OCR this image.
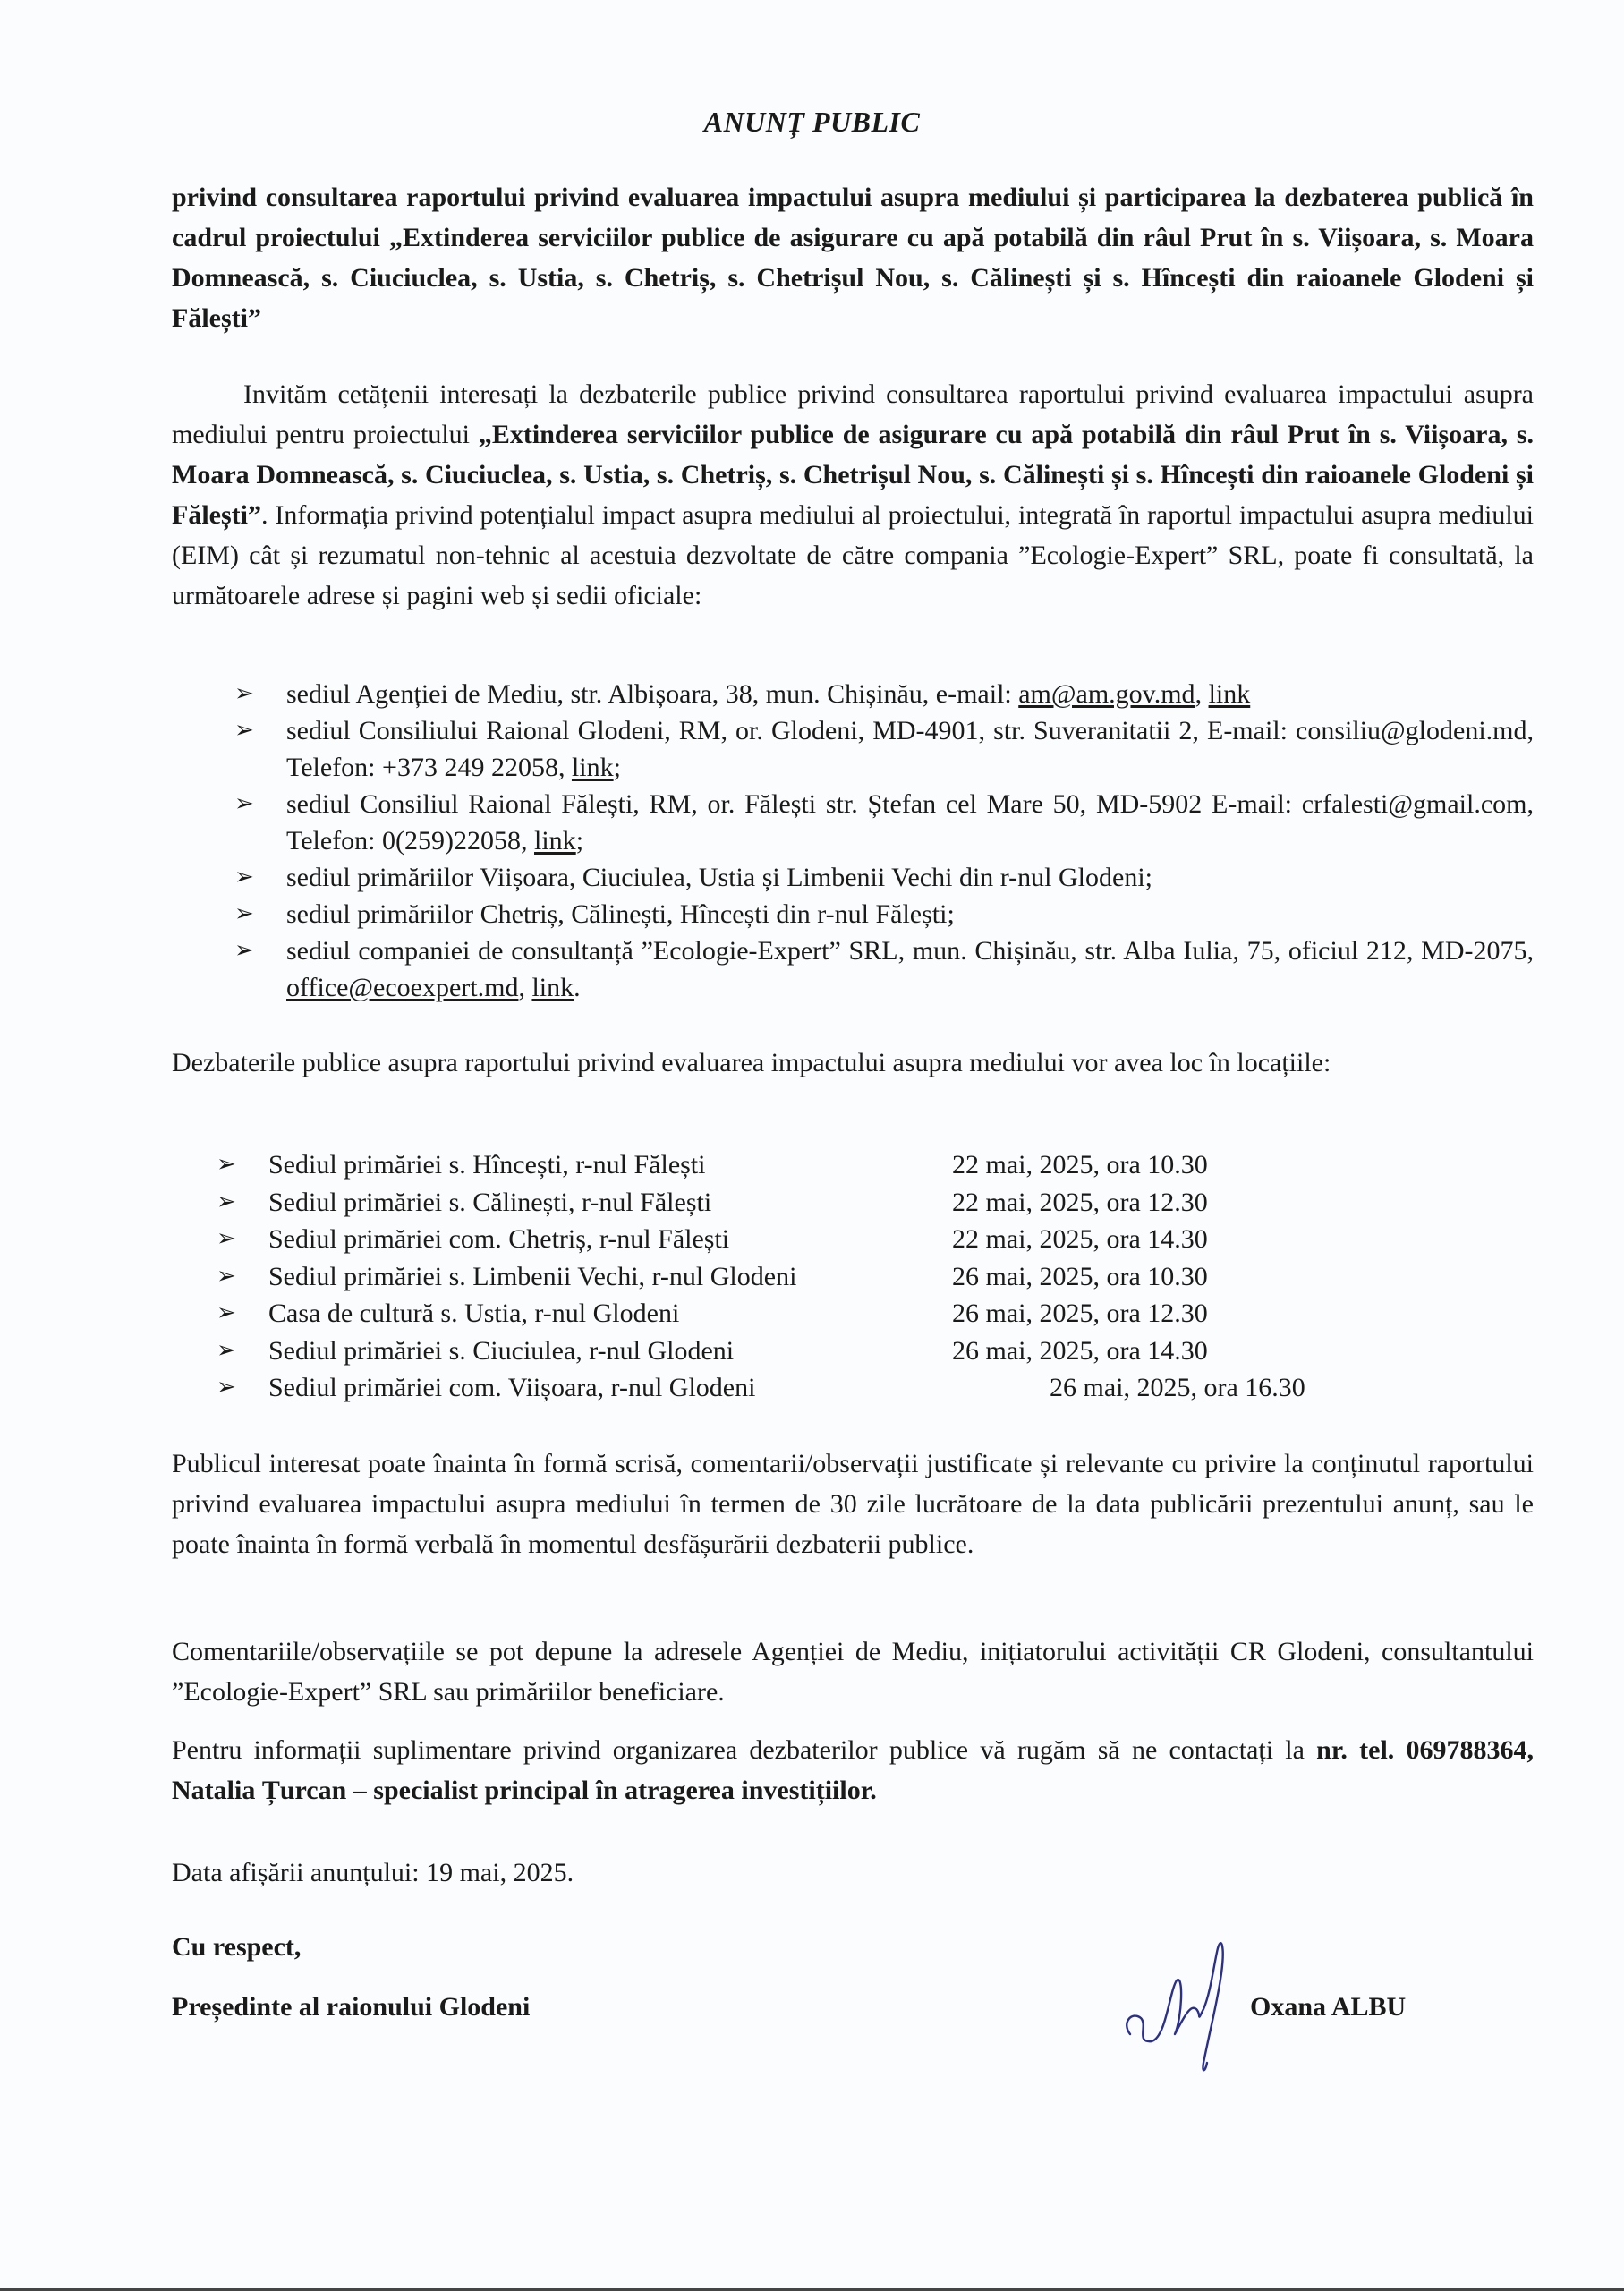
ANUNȚ PUBLIC
privind consultarea raportului privind evaluarea impactului asupra mediului și participarea la dezbaterea publică în cadrul proiectului „Extinderea serviciilor publice de asigurare cu apă potabilă din râul Prut în s. Viișoara, s. Moara Domnească, s. Ciuciuclea, s. Ustia, s. Chetriș, s. Chetrișul Nou, s. Călinești și s. Hîncești din raioanele Glodeni și Fălești”
Invităm cetățenii interesați la dezbaterile publice privind consultarea raportului privind evaluarea impactului asupra mediului pentru proiectului „Extinderea serviciilor publice de asigurare cu apă potabilă din râul Prut în s. Viișoara, s. Moara Domnească, s. Ciuciuclea, s. Ustia, s. Chetriș, s. Chetrișul Nou, s. Călinești și s. Hîncești din raioanele Glodeni și Fălești”. Informația privind potențialul impact asupra mediului al proiectului, integrată în raportul impactului asupra mediului (EIM) cât și rezumatul non-tehnic al acestuia dezvoltate de către compania ”Ecologie-Expert” SRL, poate fi consultată, la următoarele adrese și pagini web și sedii oficiale:
➢ sediul Agenției de Mediu, str. Albișoara, 38, mun. Chișinău, e-mail: am@am.gov.md, link
➢ sediul Consiliului Raional Glodeni, RM, or. Glodeni, MD-4901, str. Suveranitatii 2, E-mail: consiliu@glodeni.md, Telefon: +373 249 22058, link;
➢ sediul Consiliul Raional Fălești, RM, or. Fălești str. Ștefan cel Mare 50, MD-5902 E-mail: crfalesti@gmail.com, Telefon: 0(259)22058, link;
➢ sediul primăriilor Viișoara, Ciuciulea, Ustia și Limbenii Vechi din r-nul Glodeni;
➢ sediul primăriilor Chetriș, Călinești, Hîncești din r-nul Fălești;
➢ sediul companiei de consultanță ”Ecologie-Expert” SRL, mun. Chișinău, str. Alba Iulia, 75, oficiul 212, MD-2075, office@ecoexpert.md, link.
Dezbaterile publice asupra raportului privind evaluarea impactului asupra mediului vor avea loc în locațiile:
➢	Sediul primăriei s. Hîncești, r-nul Fălești	22 mai, 2025, ora 10.30
➢	Sediul primăriei s. Călinești, r-nul Fălești	22 mai, 2025, ora 12.30
➢	Sediul primăriei com. Chetriș, r-nul Fălești	22 mai, 2025, ora 14.30
➢	Sediul primăriei s. Limbenii Vechi, r-nul Glodeni	26 mai, 2025, ora 10.30
➢	Casa de cultură s. Ustia, r-nul Glodeni	26 mai, 2025, ora 12.30
➢	Sediul primăriei s. Ciuciulea, r-nul Glodeni	26 mai, 2025, ora 14.30
➢	Sediul primăriei com. Viișoara, r-nul Glodeni	26 mai, 2025, ora 16.30
Publicul interesat poate înainta în formă scrisă, comentarii/observații justificate și relevante cu privire la conținutul raportului privind evaluarea impactului asupra mediului în termen de 30 zile lucrătoare de la data publicării prezentului anunț, sau le poate înainta în formă verbală în momentul desfășurării dezbaterii publice.
Comentariile/observațiile se pot depune la adresele Agenției de Mediu, inițiatorului activității CR Glodeni, consultantului ”Ecologie-Expert” SRL sau primăriilor beneficiare.
Pentru informații suplimentare privind organizarea dezbaterilor publice vă rugăm să ne contactați la nr. tel. 069788364, Natalia Țurcan – specialist principal în atragerea investițiilor.
Data afișării anunțului: 19 mai, 2025.
Cu respect,
Președinte al raionului Glodeni	Oxana ALBU
